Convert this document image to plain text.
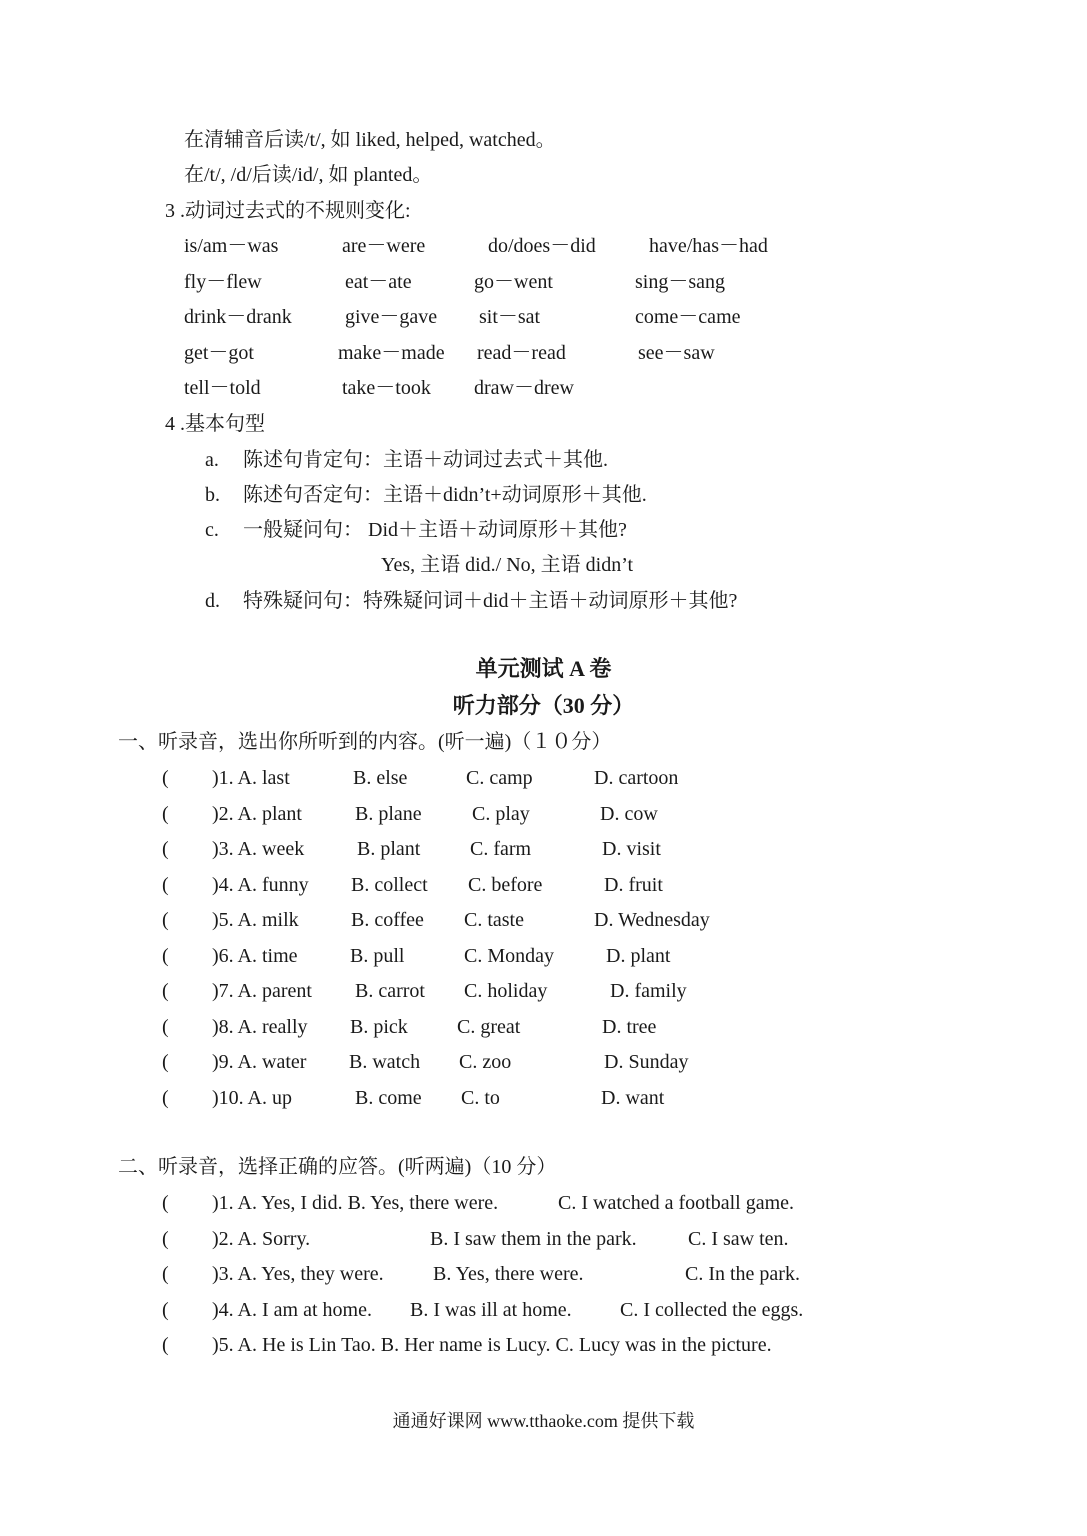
在清辅音后读/t/, 如 liked, helped, watched。
在/t/, /d/后读/id/, 如 planted。
3 .动词过去式的不规则变化:
is/am－was	are－were	do/does－did	have/has－had
fly－flew	eat－ate	go－went	sing－sang
drink－drank	give－gave sit－sat	come－came
get－got	make－made read－read	see－saw
tell－told	take－took draw－drew
4 .基本句型
a. 陈述句肯定句：主语＋动词过去式＋其他.
b. 陈述句否定句：主语＋didn’t+动词原形＋其他.
c. 一般疑问句： Did＋主语＋动词原形＋其他?
Yes, 主语 did./ No, 主语 didn’t
d. 特殊疑问句：特殊疑问词＋did＋主语＋动词原形＋其他?
单元测试 A 卷
听力部分（30 分）
一、听录音，选出你所听到的内容。(听一遍)（１０分）
( )1. A. last	B. else	C. camp	D. cartoon
( )2. A. plant	B. plane	C. play	D. cow
( )3. A. week	B. plant C. farm	D. visit
( )4. A. funny B. collect C. before	D. fruit
( )5. A. milk	B. coffee C. taste	D. Wednesday
( )6. A. time	B. pull	C. Monday	D. plant
( )7. A. parent B. carrot C. holiday	D. family
( )8. A. really B. pick C. great	D. tree
( )9. A. water B. watch C. zoo	D. Sunday
( )10. A. up	B. come C. to	D. want
二、听录音，选择正确的应答。(听两遍)（10 分）
( )1. A. Yes, I did. B. Yes, there were.	C. I watched a football game.
( )2. A. Sorry.	B. I saw them in the park.	C. I saw ten.
( )3. A. Yes, they were. B. Yes, there were.	C. In the park.
( )4. A. I am at home. B. I was ill at home. C. I collected the eggs.
( )5. A. He is Lin Tao. B. Her name is Lucy. C. Lucy was in the picture.
通通好课网 www.tthaoke.com 提供下载
